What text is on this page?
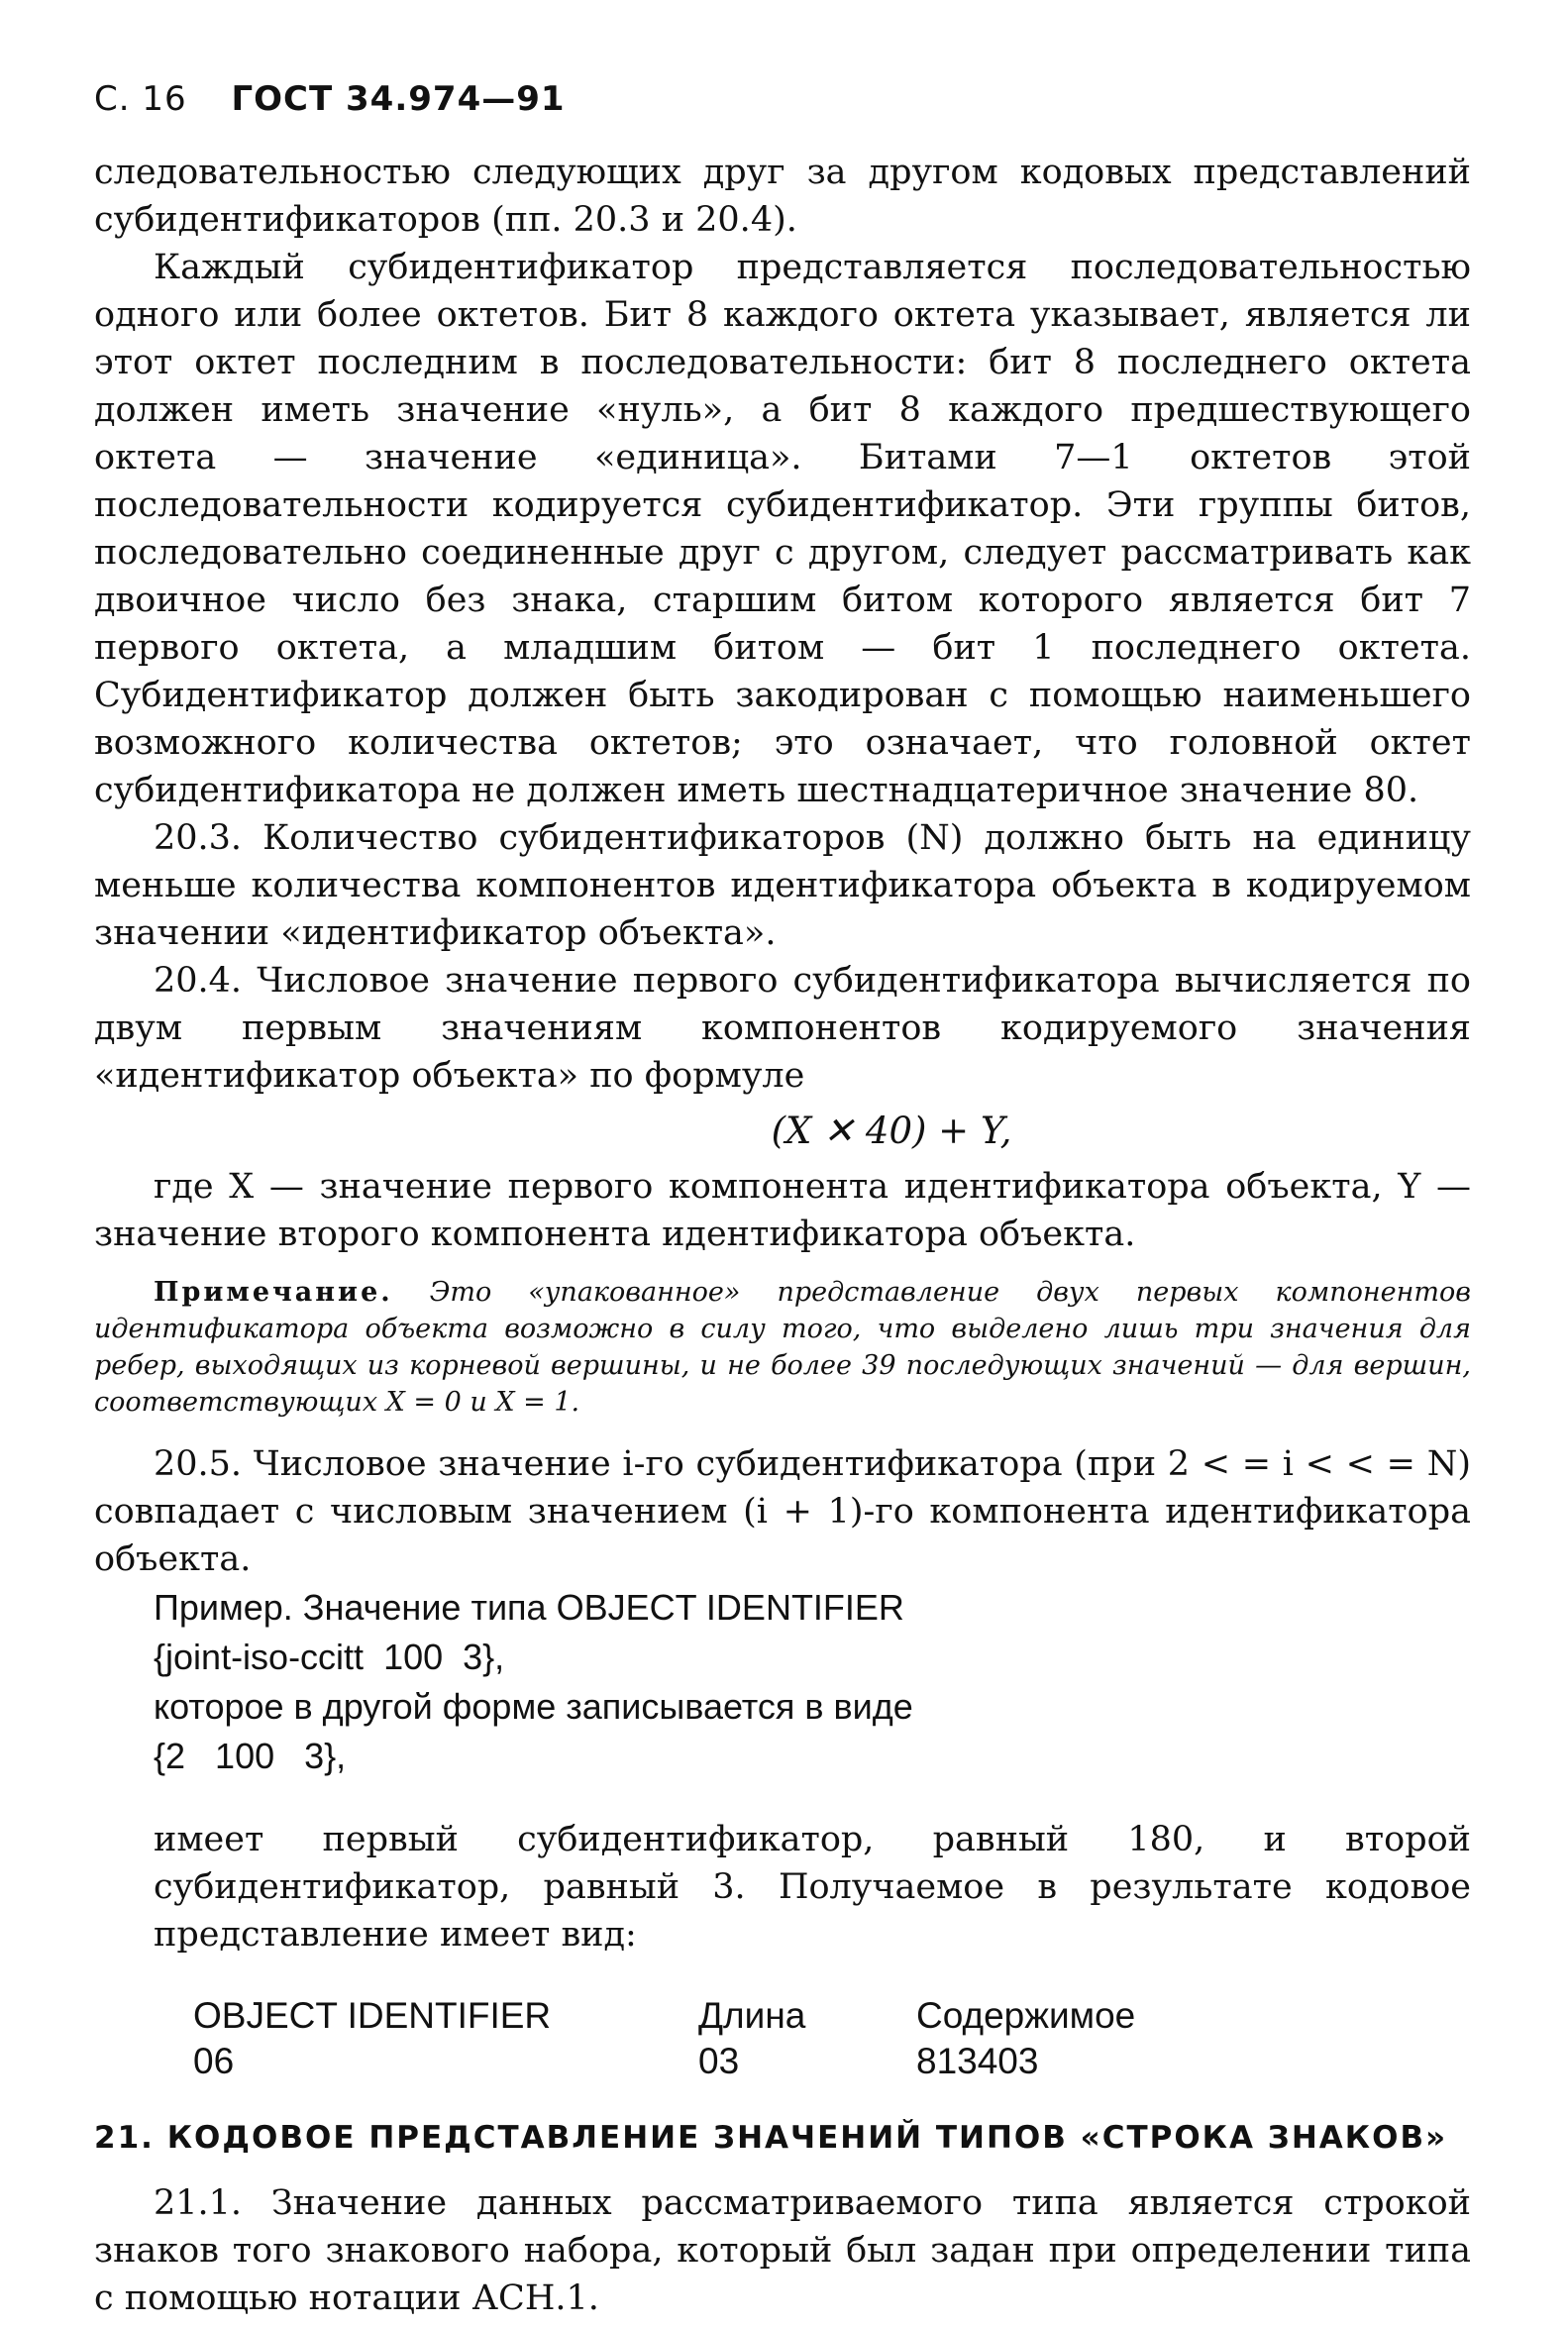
С. 16 ГОСТ 34.974—91

следовательностью следующих друг за другом кодовых представлений субидентификаторов (пп. 20.3 и 20.4).

Каждый субидентификатор представляется последовательностью одного или более октетов. Бит 8 каждого октета указывает, является ли этот октет последним в последовательности: бит 8 последнего октета должен иметь значение «нуль», а бит 8 каждого предшествующего октета — значение «единица». Битами 7—1 октетов этой последовательности кодируется субидентификатор. Эти группы битов, последовательно соединенные друг с другом, следует рассматривать как двоичное число без знака, старшим битом которого является бит 7 первого октета, а младшим битом — бит 1 последнего октета. Субидентификатор должен быть закодирован с помощью наименьшего возможного количества октетов; это означает, что головной октет субидентификатора не должен иметь шестнадцатеричное значение 80.

20.3. Количество субидентификаторов (N) должно быть на единицу меньше количества компонентов идентификатора объекта в кодируемом значении «идентификатор объекта».

20.4. Числовое значение первого субидентификатора вычисляется по двум первым значениям компонентов кодируемого значения «идентификатор объекта» по формуле

(X ✕ 40) + Y,

где X — значение первого компонента идентификатора объекта, Y — значение второго компонента идентификатора объекта.

Примечание. Это «упакованное» представление двух первых компонентов идентификатора объекта возможно в силу того, что выделено лишь три значения для ребер, выходящих из корневой вершины, и не более 39 последующих значений — для вершин, соответствующих X = 0 и X = 1.

20.5. Числовое значение i-го субидентификатора (при 2 < = i < < = N) совпадает с числовым значением (i + 1)-го компонента идентификатора объекта.

Пример. Значение типа OBJECT IDENTIFIER
{joint-iso-ccitt  100  3},
которое в другой форме записывается в виде
{2   100   3},

имеет первый субидентификатор, равный 180, и второй субидентификатор, равный 3. Получаемое в результате кодовое представление имеет вид:

OBJECT IDENTIFIER	Длина	Содержимое
06	03	813403
21. КОДОВОЕ ПРЕДСТАВЛЕНИЕ ЗНАЧЕНИЙ ТИПОВ «СТРОКА ЗНАКОВ»

21.1. Значение данных рассматриваемого типа является строкой знаков того знакового набора, который был задан при определении типа с помощью нотации АСН.1.
